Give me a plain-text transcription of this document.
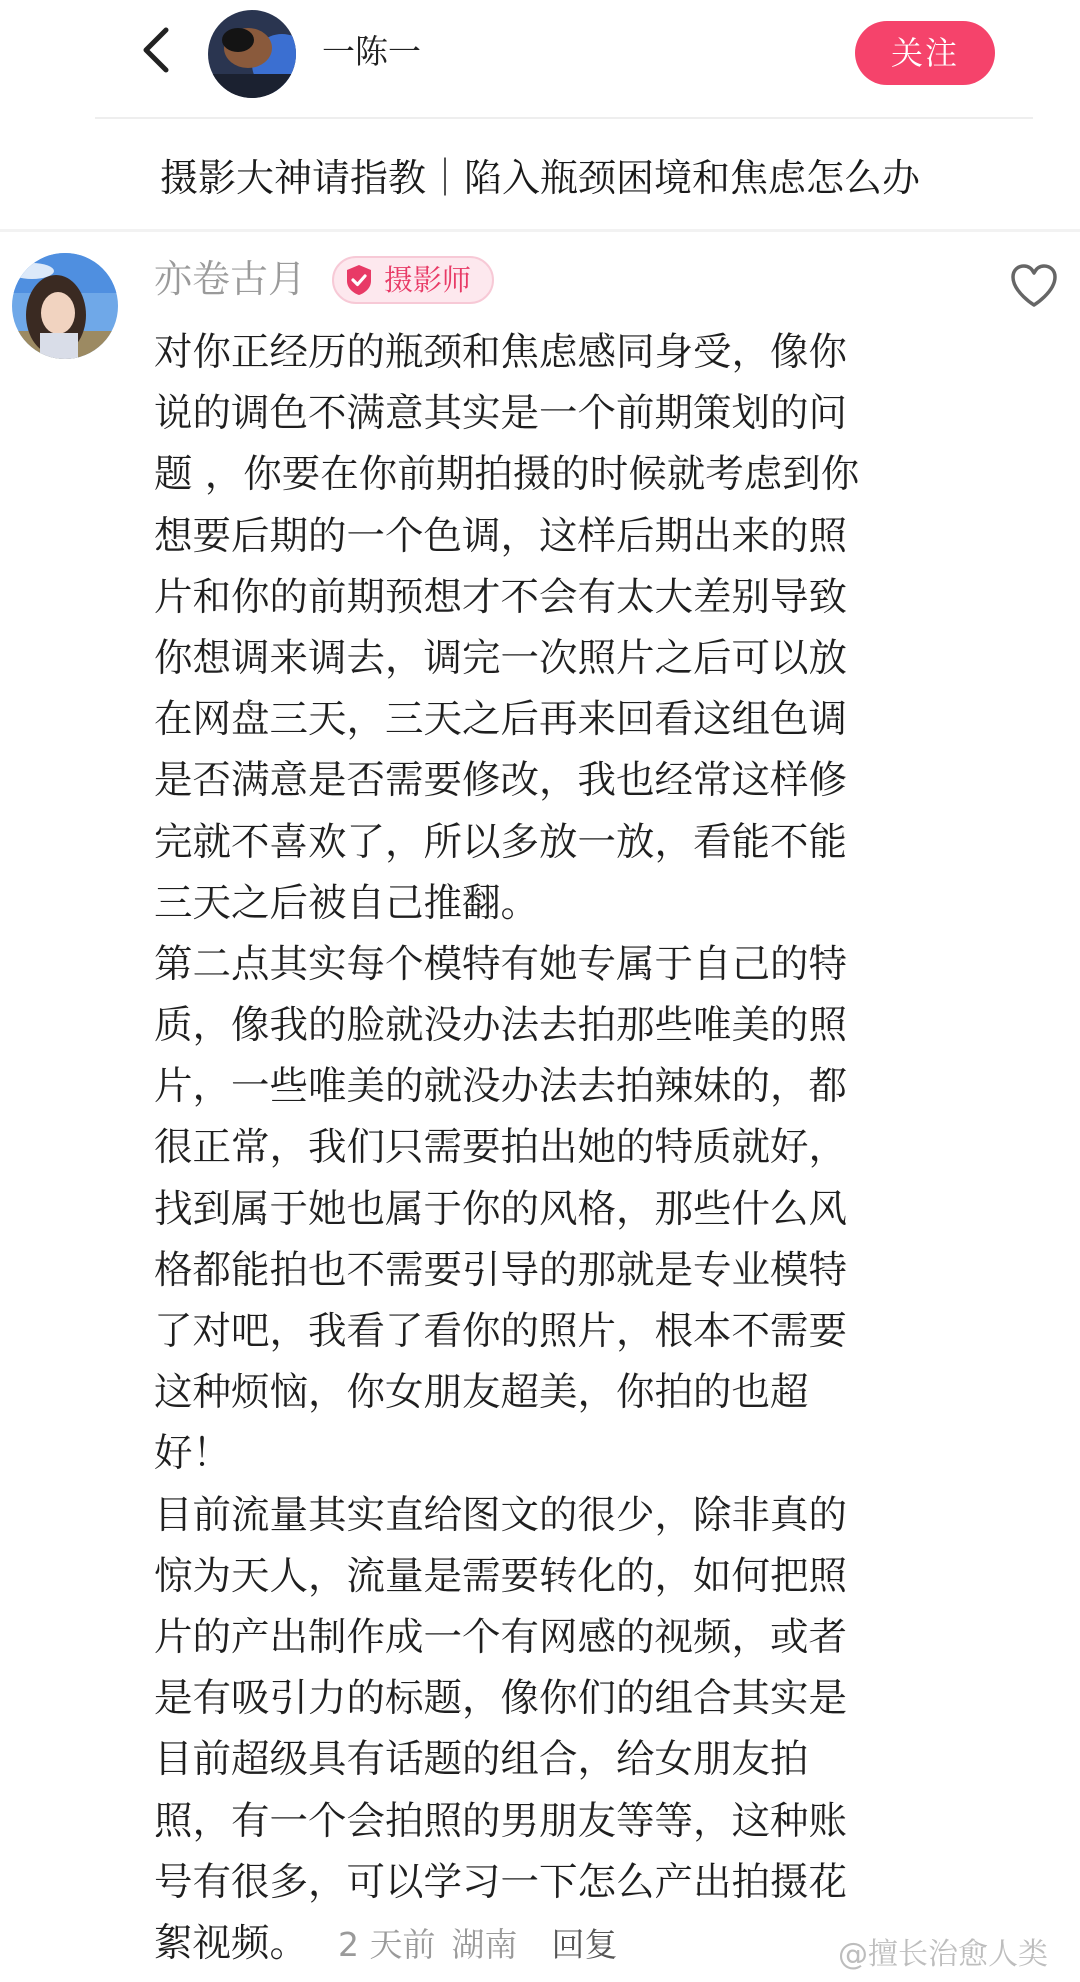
一陈一	关注
摄影大神请指教｜陷入瓶颈困境和焦虑怎么办
亦卷古月	摄影师
对你正经历的瓶颈和焦虑感同身受，像你
说的调色不满意其实是一个前期策划的问
题 ，你要在你前期拍摄的时候就考虑到你
想要后期的一个色调，这样后期出来的照
片和你的前期预想才不会有太大差别导致
你想调来调去，调完一次照片之后可以放
在网盘三天，三天之后再来回看这组色调
是否满意是否需要修改，我也经常这样修
完就不喜欢了，所以多放一放，看能不能
三天之后被自己推翻。
第二点其实每个模特有她专属于自己的特
质，像我的脸就没办法去拍那些唯美的照
片，一些唯美的就没办法去拍辣妹的，都
很正常，我们只需要拍出她的特质就好，
找到属于她也属于你的风格，那些什么风
格都能拍也不需要引导的那就是专业模特
了对吧，我看了看你的照片，根本不需要
这种烦恼，你女朋友超美，你拍的也超
好！
目前流量其实直给图文的很少，除非真的
惊为天人，流量是需要转化的，如何把照
片的产出制作成一个有网感的视频，或者
是有吸引力的标题，像你们的组合其实是
目前超级具有话题的组合，给女朋友拍
照，有一个会拍照的男朋友等等，这种账
号有很多，可以学习一下怎么产出拍摄花
絮视频。 2 天前 湖南 回复	@擅长治愈人类
